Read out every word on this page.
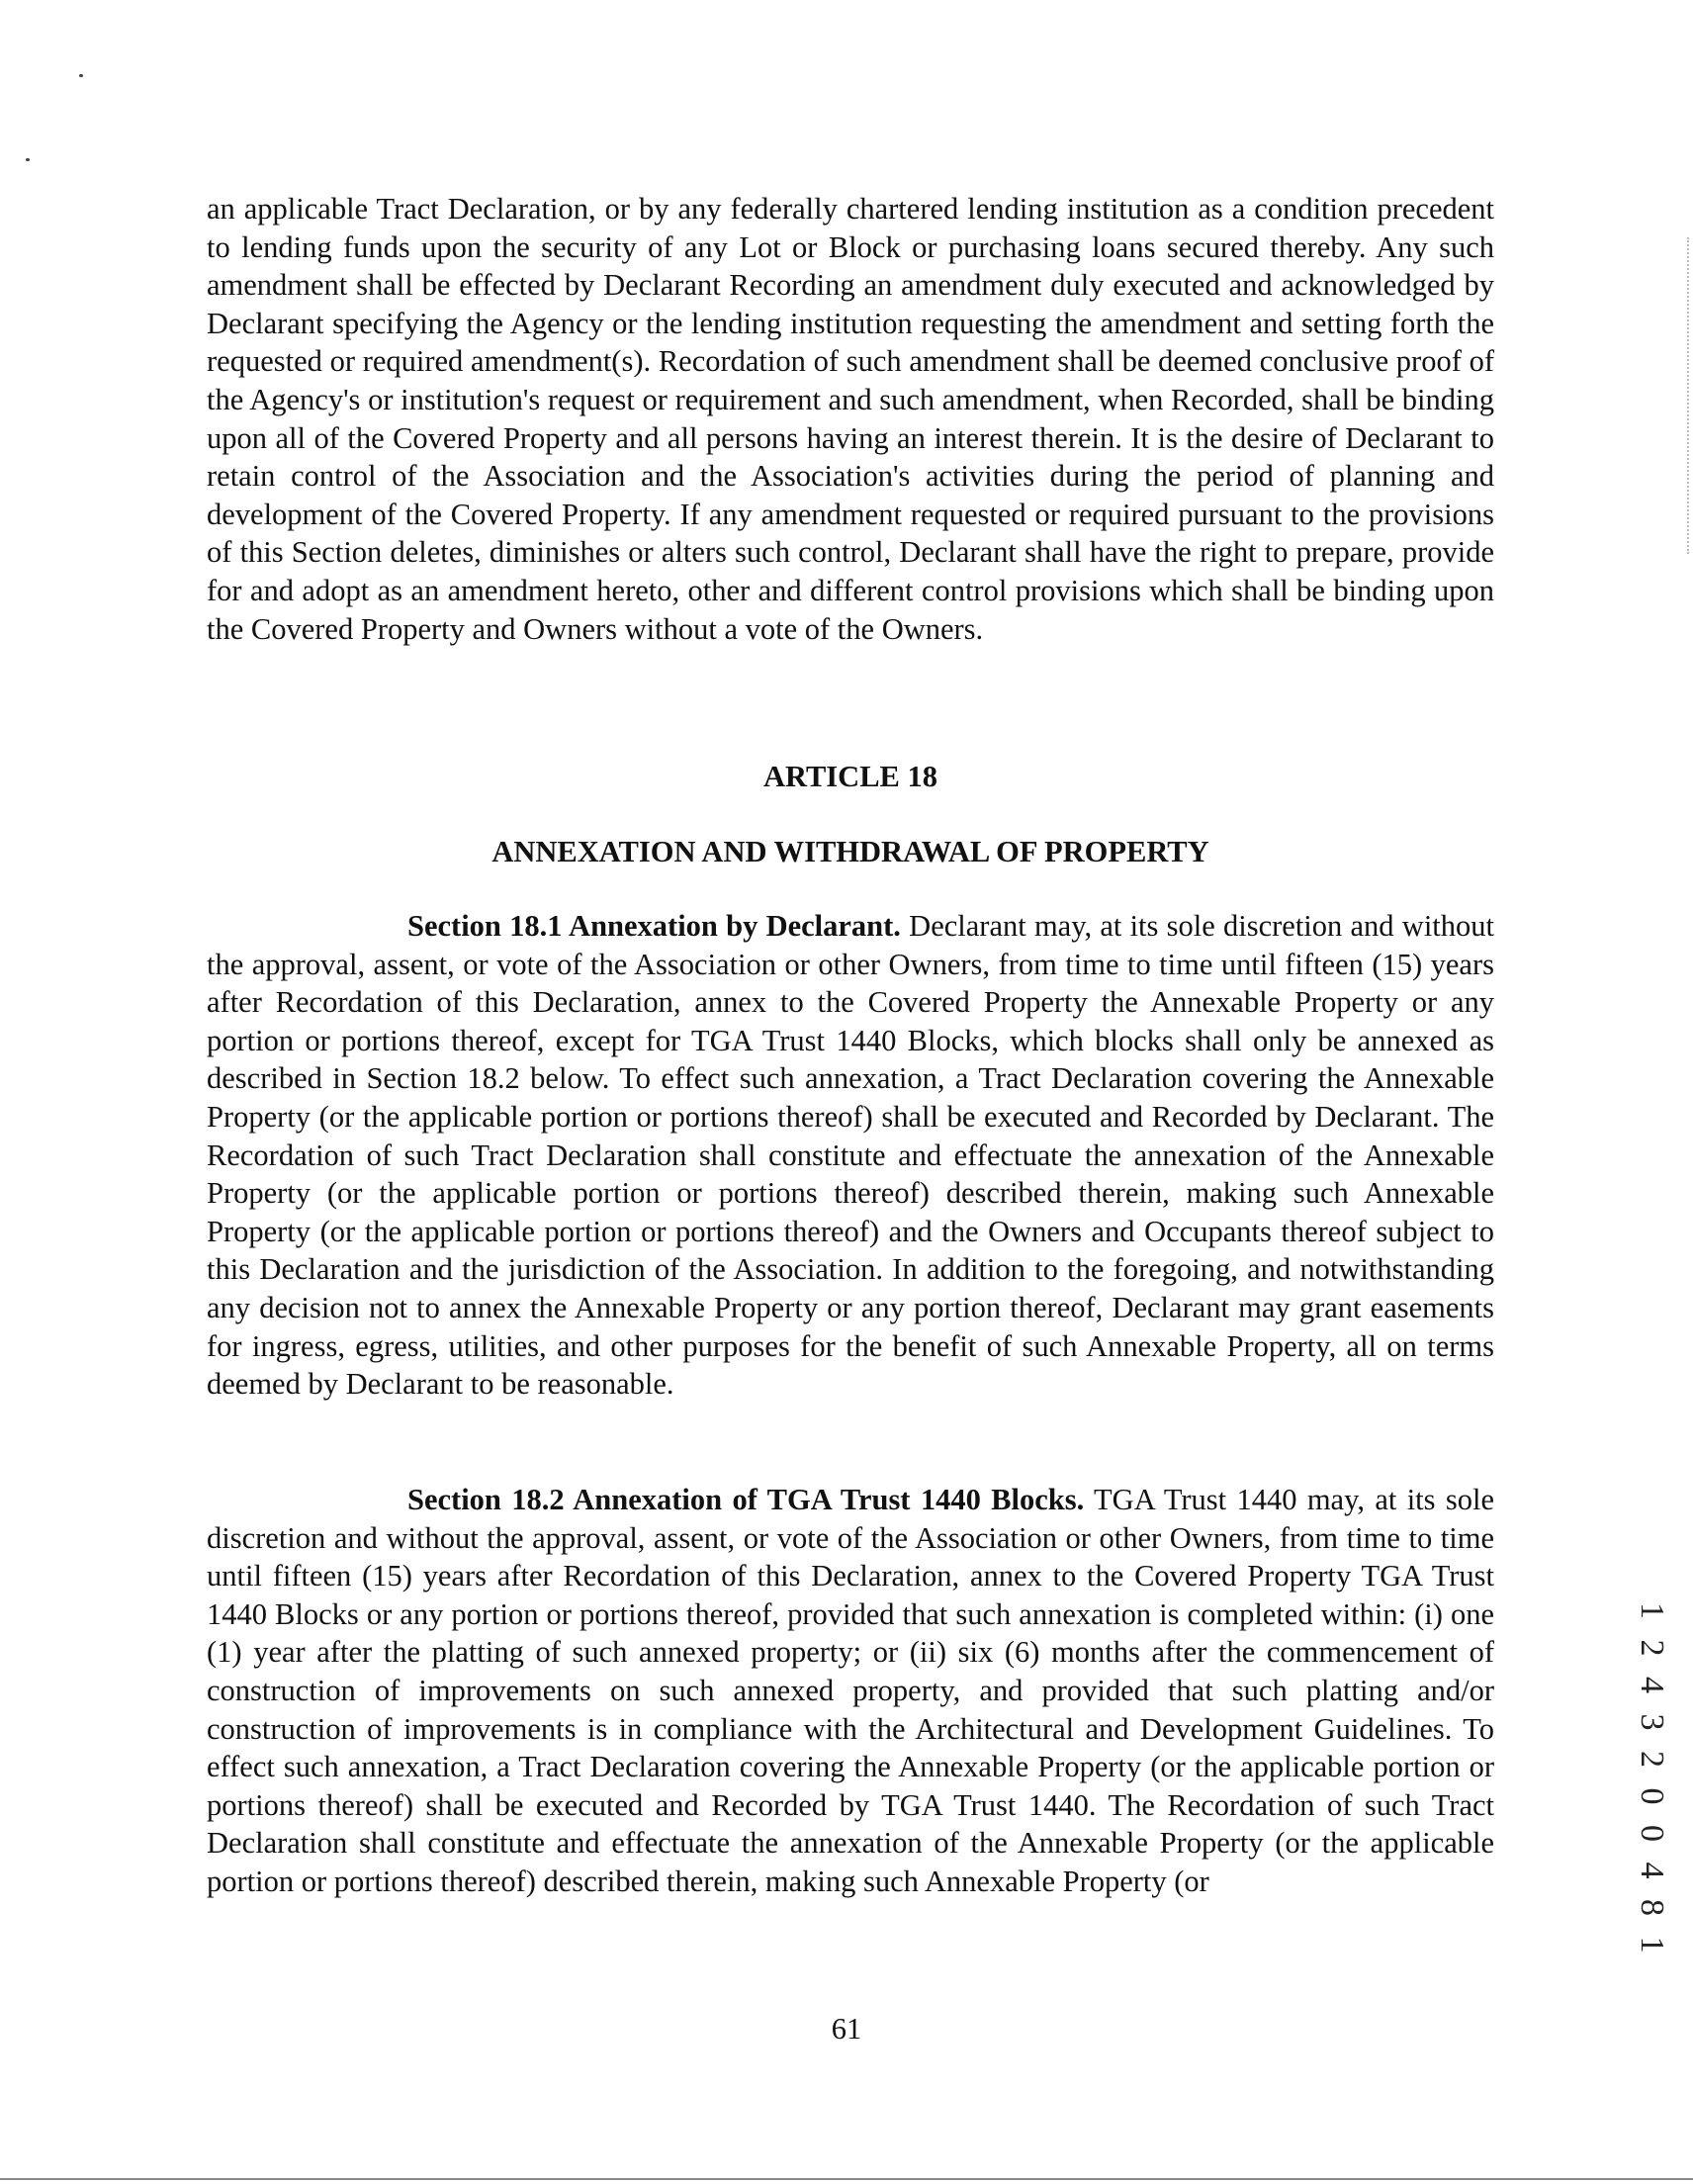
an applicable Tract Declaration, or by any federally chartered lending institution as a condition precedent to lending funds upon the security of any Lot or Block or purchasing loans secured thereby. Any such amendment shall be effected by Declarant Recording an amendment duly executed and acknowledged by Declarant specifying the Agency or the lending institution requesting the amendment and setting forth the requested or required amendment(s). Recordation of such amendment shall be deemed conclusive proof of the Agency's or institution's request or requirement and such amendment, when Recorded, shall be binding upon all of the Covered Property and all persons having an interest therein. It is the desire of Declarant to retain control of the Association and the Association's activities during the period of planning and development of the Covered Property. If any amendment requested or required pursuant to the provisions of this Section deletes, diminishes or alters such control, Declarant shall have the right to prepare, provide for and adopt as an amendment hereto, other and different control provisions which shall be binding upon the Covered Property and Owners without a vote of the Owners.

ARTICLE 18
ANNEXATION AND WITHDRAWAL OF PROPERTY

Section 18.1 Annexation by Declarant. Declarant may, at its sole discretion and without the approval, assent, or vote of the Association or other Owners, from time to time until fifteen (15) years after Recordation of this Declaration, annex to the Covered Property the Annexable Property or any portion or portions thereof, except for TGA Trust 1440 Blocks, which blocks shall only be annexed as described in Section 18.2 below. To effect such annexation, a Tract Declaration covering the Annexable Property (or the applicable portion or portions thereof) shall be executed and Recorded by Declarant. The Recordation of such Tract Declaration shall constitute and effectuate the annexation of the Annexable Property (or the applicable portion or portions thereof) described therein, making such Annexable Property (or the applicable portion or portions thereof) and the Owners and Occupants thereof subject to this Declaration and the jurisdiction of the Association. In addition to the foregoing, and notwithstanding any decision not to annex the Annexable Property or any portion thereof, Declarant may grant easements for ingress, egress, utilities, and other purposes for the benefit of such Annexable Property, all on terms deemed by Declarant to be reasonable.

Section 18.2 Annexation of TGA Trust 1440 Blocks. TGA Trust 1440 may, at its sole discretion and without the approval, assent, or vote of the Association or other Owners, from time to time until fifteen (15) years after Recordation of this Declaration, annex to the Covered Property TGA Trust 1440 Blocks or any portion or portions thereof, provided that such annexation is completed within: (i) one (1) year after the platting of such annexed property; or (ii) six (6) months after the commencement of construction of improvements on such annexed property, and provided that such platting and/or construction of improvements is in compliance with the Architectural and Development Guidelines. To effect such annexation, a Tract Declaration covering the Annexable Property (or the applicable portion or portions thereof) shall be executed and Recorded by TGA Trust 1440. The Recordation of such Tract Declaration shall constitute and effectuate the annexation of the Annexable Property (or the applicable portion or portions thereof) described therein, making such Annexable Property (or

61
1 2 4 3 2 0 0 4 8 1
